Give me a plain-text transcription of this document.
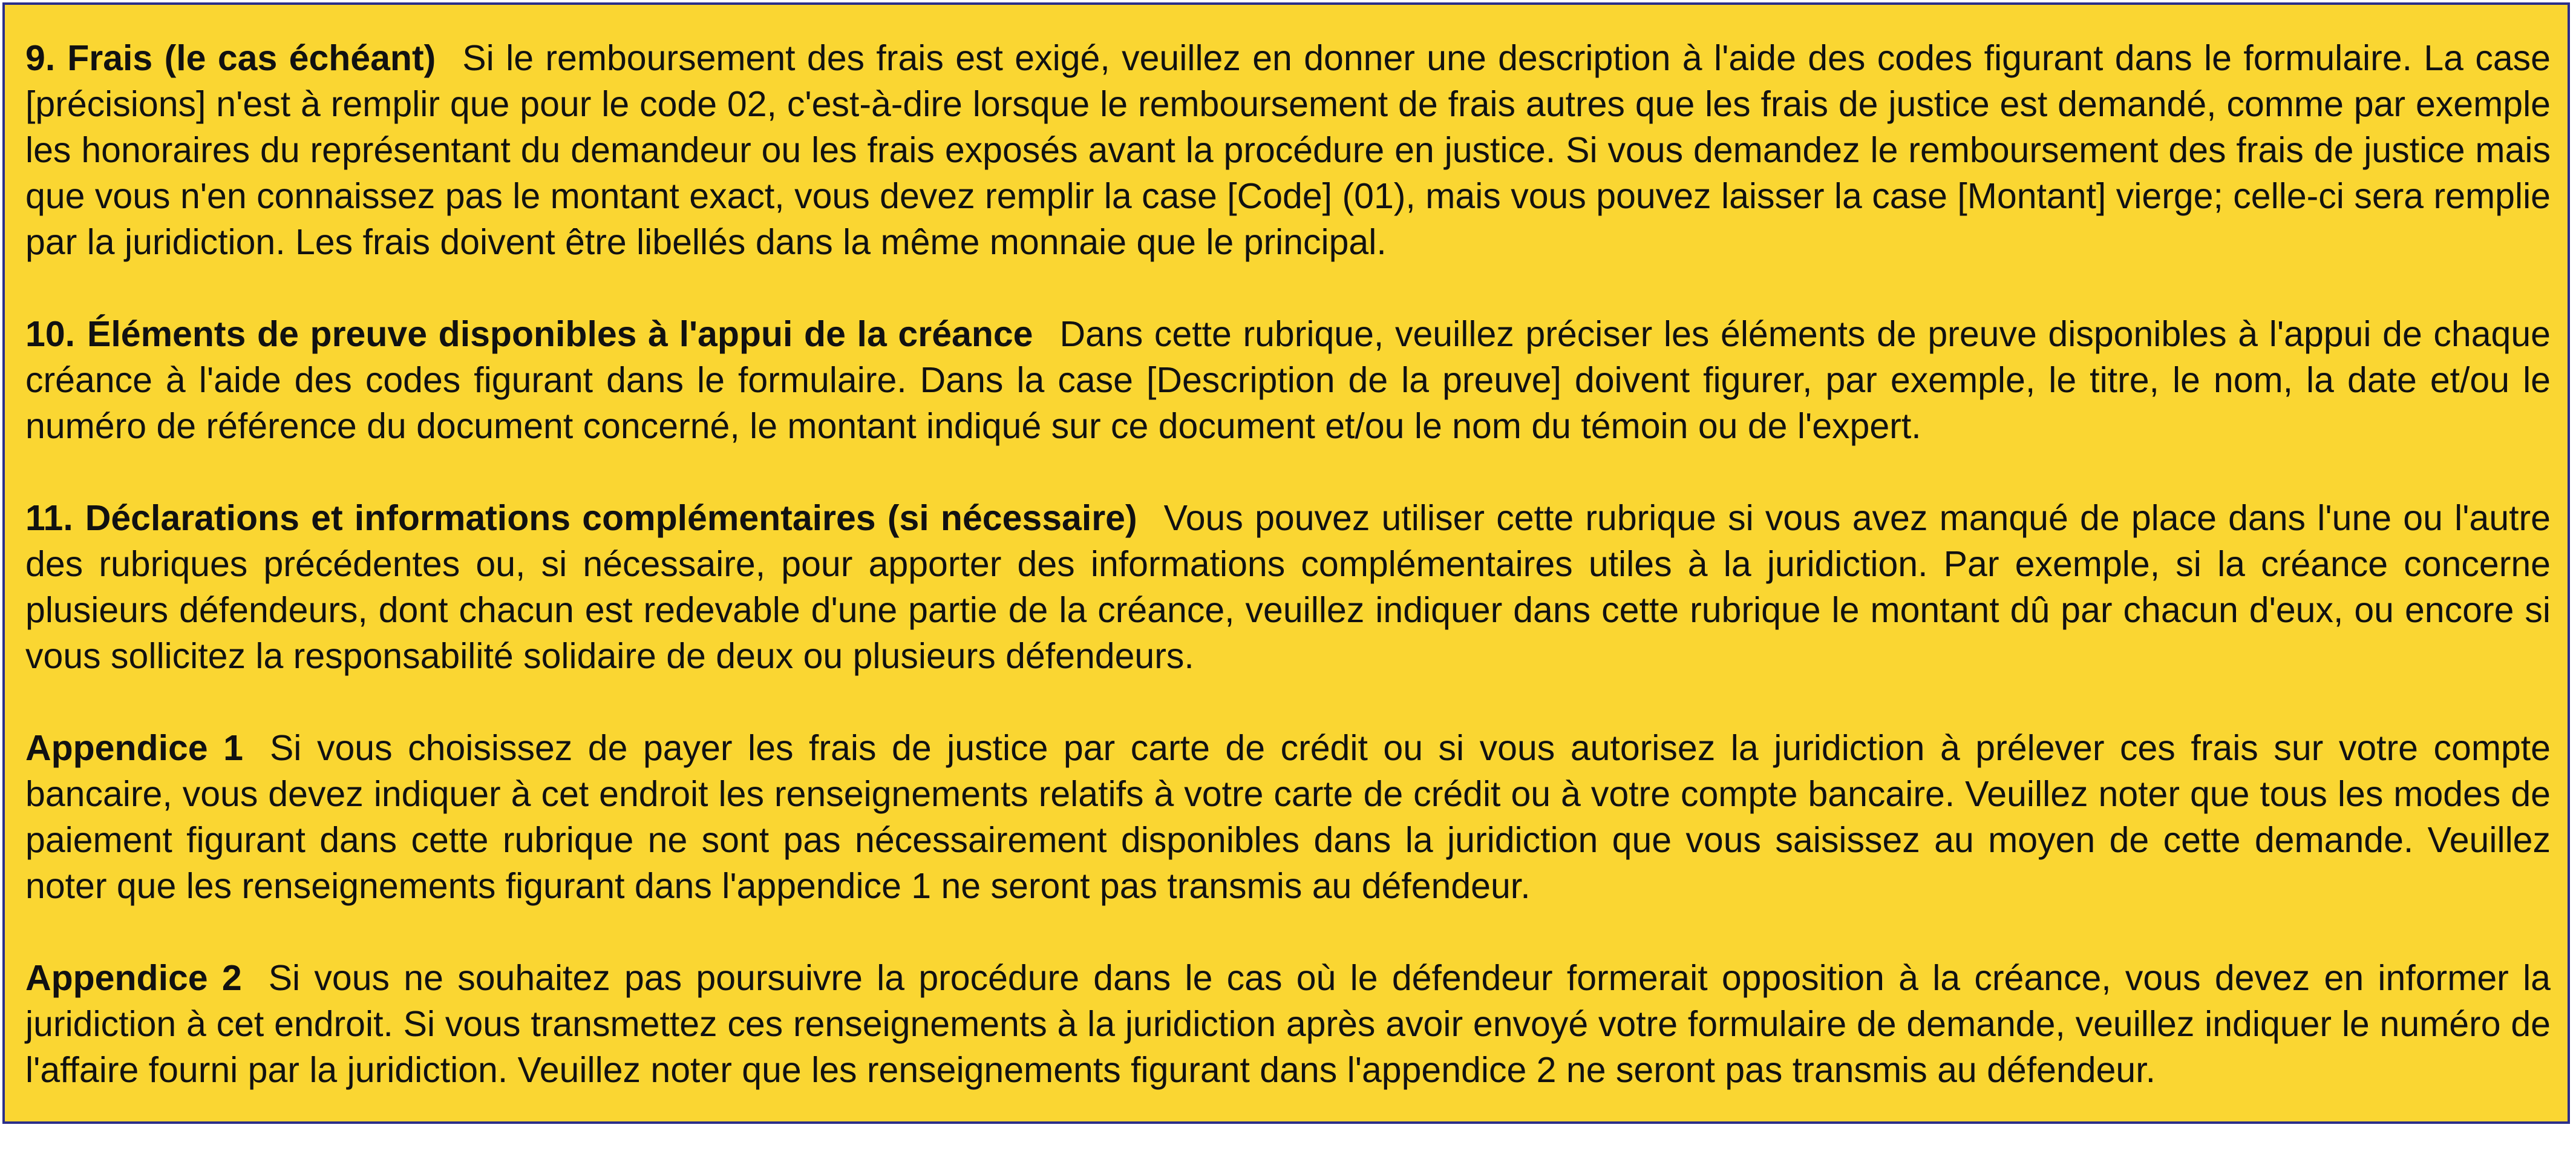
9. Frais (le cas échéant) Si le remboursement des frais est exigé, veuillez en donner une description à l'aide des codes figurant dans le formulaire. La case [précisions] n'est à remplir que pour le code 02, c'est-à-dire lorsque le remboursement de frais autres que les frais de justice est demandé, comme par exemple les honoraires du représentant du demandeur ou les frais exposés avant la procédure en justice. Si vous demandez le remboursement des frais de justice mais que vous n'en connaissez pas le montant exact, vous devez remplir la case [Code] (01), mais vous pouvez laisser la case [Montant] vierge; celle-ci sera remplie par la juridiction. Les frais doivent être libellés dans la même monnaie que le principal.

10. Éléments de preuve disponibles à l'appui de la créance Dans cette rubrique, veuillez préciser les éléments de preuve disponibles à l'appui de chaque créance à l'aide des codes figurant dans le formulaire. Dans la case [Description de la preuve] doivent figurer, par exemple, le titre, le nom, la date et/ou le numéro de référence du document concerné, le montant indiqué sur ce document et/ou le nom du témoin ou de l'expert.

11. Déclarations et informations complémentaires (si nécessaire) Vous pouvez utiliser cette rubrique si vous avez manqué de place dans l'une ou l'autre des rubriques précédentes ou, si nécessaire, pour apporter des informations complémentaires utiles à la juridiction. Par exemple, si la créance concerne plusieurs défendeurs, dont chacun est redevable d'une partie de la créance, veuillez indiquer dans cette rubrique le montant dû par chacun d'eux, ou encore si vous sollicitez la responsabilité solidaire de deux ou plusieurs défendeurs.

Appendice 1 Si vous choisissez de payer les frais de justice par carte de crédit ou si vous autorisez la juridiction à prélever ces frais sur votre compte bancaire, vous devez indiquer à cet endroit les renseignements relatifs à votre carte de crédit ou à votre compte bancaire. Veuillez noter que tous les modes de paiement figurant dans cette rubrique ne sont pas nécessairement disponibles dans la juridiction que vous saisissez au moyen de cette demande. Veuillez noter que les renseignements figurant dans l'appendice 1 ne seront pas transmis au défendeur.

Appendice 2 Si vous ne souhaitez pas poursuivre la procédure dans le cas où le défendeur formerait opposition à la créance, vous devez en informer la juridiction à cet endroit. Si vous transmettez ces renseignements à la juridiction après avoir envoyé votre formulaire de demande, veuillez indiquer le numéro de l'affaire fourni par la juridiction. Veuillez noter que les renseignements figurant dans l'appendice 2 ne seront pas transmis au défendeur.
